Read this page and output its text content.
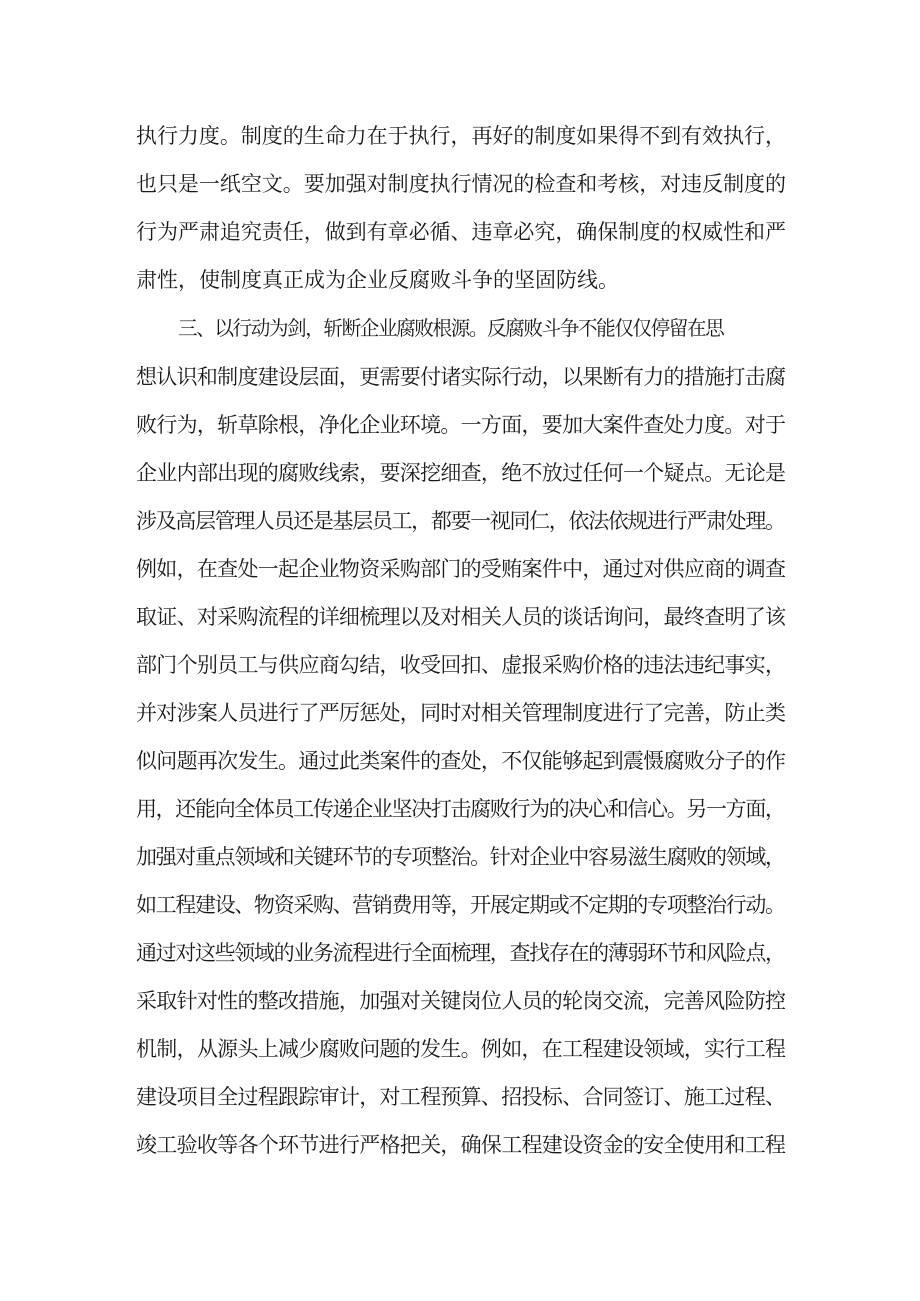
执行力度。制度的生命力在于执行，再好的制度如果得不到有效执行，
也只是一纸空文。要加强对制度执行情况的检查和考核，对违反制度的
行为严肃追究责任，做到有章必循、违章必究，确保制度的权威性和严
肃性，使制度真正成为企业反腐败斗争的坚固防线。
三、以行动为剑，斩断企业腐败根源。反腐败斗争不能仅仅停留在思
想认识和制度建设层面，更需要付诸实际行动，以果断有力的措施打击腐
败行为，斩草除根，净化企业环境。一方面，要加大案件查处力度。对于
企业内部出现的腐败线索，要深挖细查，绝不放过任何一个疑点。无论是
涉及高层管理人员还是基层员工，都要一视同仁，依法依规进行严肃处理。
例如，在查处一起企业物资采购部门的受贿案件中，通过对供应商的调查
取证、对采购流程的详细梳理以及对相关人员的谈话询问，最终查明了该
部门个别员工与供应商勾结，收受回扣、虚报采购价格的违法违纪事实，
并对涉案人员进行了严厉惩处，同时对相关管理制度进行了完善，防止类
似问题再次发生。通过此类案件的查处，不仅能够起到震慑腐败分子的作
用，还能向全体员工传递企业坚决打击腐败行为的决心和信心。另一方面，
加强对重点领域和关键环节的专项整治。针对企业中容易滋生腐败的领域，
如工程建设、物资采购、营销费用等，开展定期或不定期的专项整治行动。
通过对这些领域的业务流程进行全面梳理，查找存在的薄弱环节和风险点，
采取针对性的整改措施，加强对关键岗位人员的轮岗交流，完善风险防控
机制，从源头上减少腐败问题的发生。例如，在工程建设领域，实行工程
建设项目全过程跟踪审计，对工程预算、招投标、合同签订、施工过程、
竣工验收等各个环节进行严格把关，确保工程建设资金的安全使用和工程
